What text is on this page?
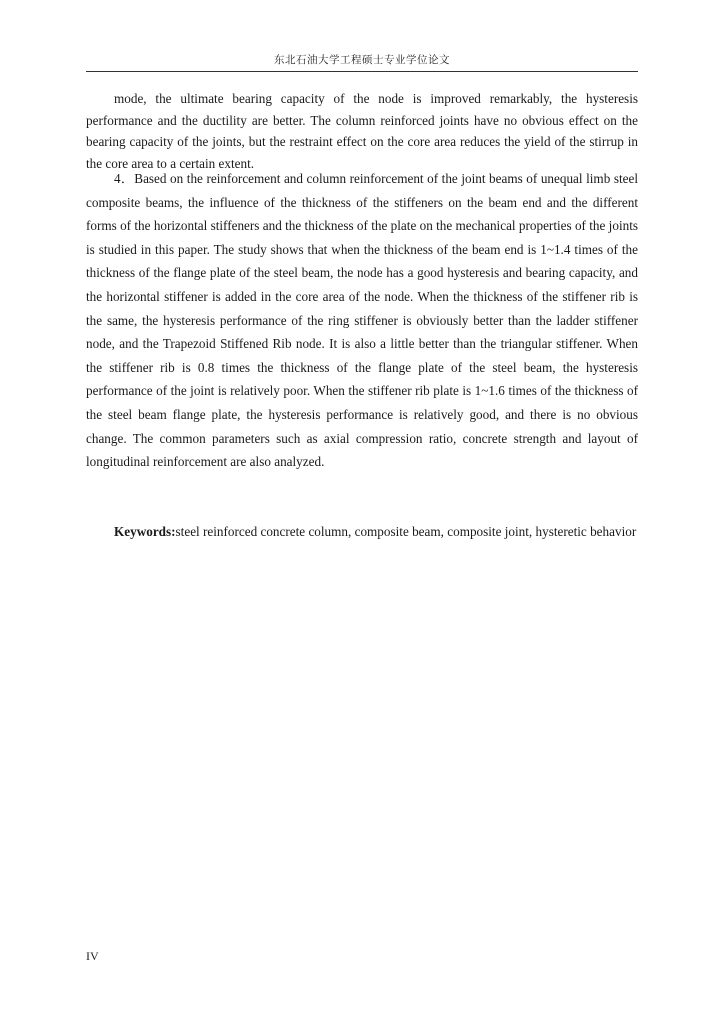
东北石油大学工程硕士专业学位论文

mode, the ultimate bearing capacity of the node is improved remarkably, the hysteresis performance and the ductility are better. The column reinforced joints have no obvious effect on the bearing capacity of the joints, but the restraint effect on the core area reduces the yield of the stirrup in the core area to a certain extent.

4．Based on the reinforcement and column reinforcement of the joint beams of unequal limb steel composite beams, the influence of the thickness of the stiffeners on the beam end and the different forms of the horizontal stiffeners and the thickness of the plate on the mechanical properties of the joints is studied in this paper. The study shows that when the thickness of the beam end is 1~1.4 times of the thickness of the flange plate of the steel beam, the node has a good hysteresis and bearing capacity, and the horizontal stiffener is added in the core area of the node. When the thickness of the stiffener rib is the same, the hysteresis performance of the ring stiffener is obviously better than the ladder stiffener node, and the Trapezoid Stiffened Rib node. It is also a little better than the triangular stiffener. When the stiffener rib is 0.8 times the thickness of the flange plate of the steel beam, the hysteresis performance of the joint is relatively poor. When the stiffener rib plate is 1~1.6 times of the thickness of the steel beam flange plate, the hysteresis performance is relatively good, and there is no obvious change. The common parameters such as axial compression ratio, concrete strength and layout of longitudinal reinforcement are also analyzed.

Keywords:steel reinforced concrete column, composite beam, composite joint, hysteretic behavior

IV
